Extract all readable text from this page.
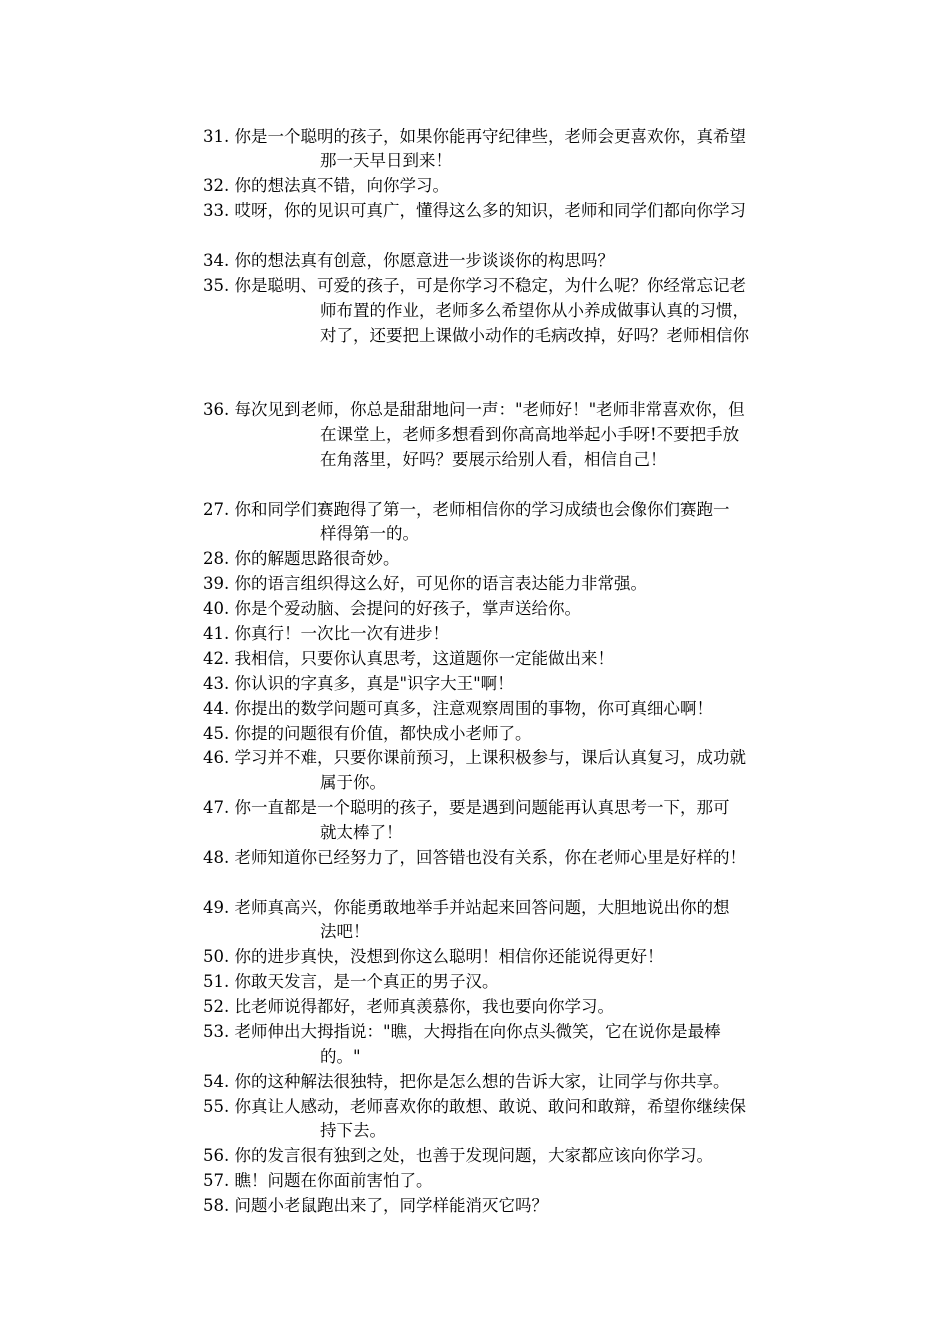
31. 你是一个聪明的孩子，如果你能再守纪律些，老师会更喜欢你，真希望
那一天早日到来！
32. 你的想法真不错，向你学习。
33. 哎呀，你的见识可真广，懂得这么多的知识，老师和同学们都向你学习
34. 你的想法真有创意，你愿意进一步谈谈你的构思吗？
35. 你是聪明、可爱的孩子，可是你学习不稳定，为什么呢？你经常忘记老
师布置的作业，老师多么希望你从小养成做事认真的习惯，
对了，还要把上课做小动作的毛病改掉，好吗？老师相信你
36. 每次见到老师，你总是甜甜地问一声："老师好！"老师非常喜欢你，但
在课堂上，老师多想看到你高高地举起小手呀!不要把手放
在角落里，好吗？要展示给别人看，相信自己！
27. 你和同学们赛跑得了第一，老师相信你的学习成绩也会像你们赛跑一
样得第一的。
28. 你的解题思路很奇妙。
39. 你的语言组织得这么好，可见你的语言表达能力非常强。
40. 你是个爱动脑、会提问的好孩子，掌声送给你。
41. 你真行！一次比一次有进步！
42. 我相信，只要你认真思考，这道题你一定能做出来！
43. 你认识的字真多，真是"识字大王"啊！
44. 你提出的数学问题可真多，注意观察周围的事物，你可真细心啊！
45. 你提的问题很有价值，都快成小老师了。
46. 学习并不难，只要你课前预习，上课积极参与，课后认真复习，成功就
属于你。
47. 你一直都是一个聪明的孩子，要是遇到问题能再认真思考一下，那可
就太棒了！
48. 老师知道你已经努力了，回答错也没有关系，你在老师心里是好样的！
49. 老师真高兴，你能勇敢地举手并站起来回答问题，大胆地说出你的想
法吧！
50. 你的进步真快，没想到你这么聪明！相信你还能说得更好！
51. 你敢天发言，是一个真正的男子汉。
52. 比老师说得都好，老师真羡慕你，我也要向你学习。
53. 老师伸出大拇指说："瞧，大拇指在向你点头微笑，它在说你是最棒
的。"
54. 你的这种解法很独特，把你是怎么想的告诉大家，让同学与你共享。
55. 你真让人感动，老师喜欢你的敢想、敢说、敢问和敢辩，希望你继续保
持下去。
56. 你的发言很有独到之处，也善于发现问题，大家都应该向你学习。
57. 瞧！问题在你面前害怕了。
58. 问题小老鼠跑出来了，同学样能消灭它吗？
